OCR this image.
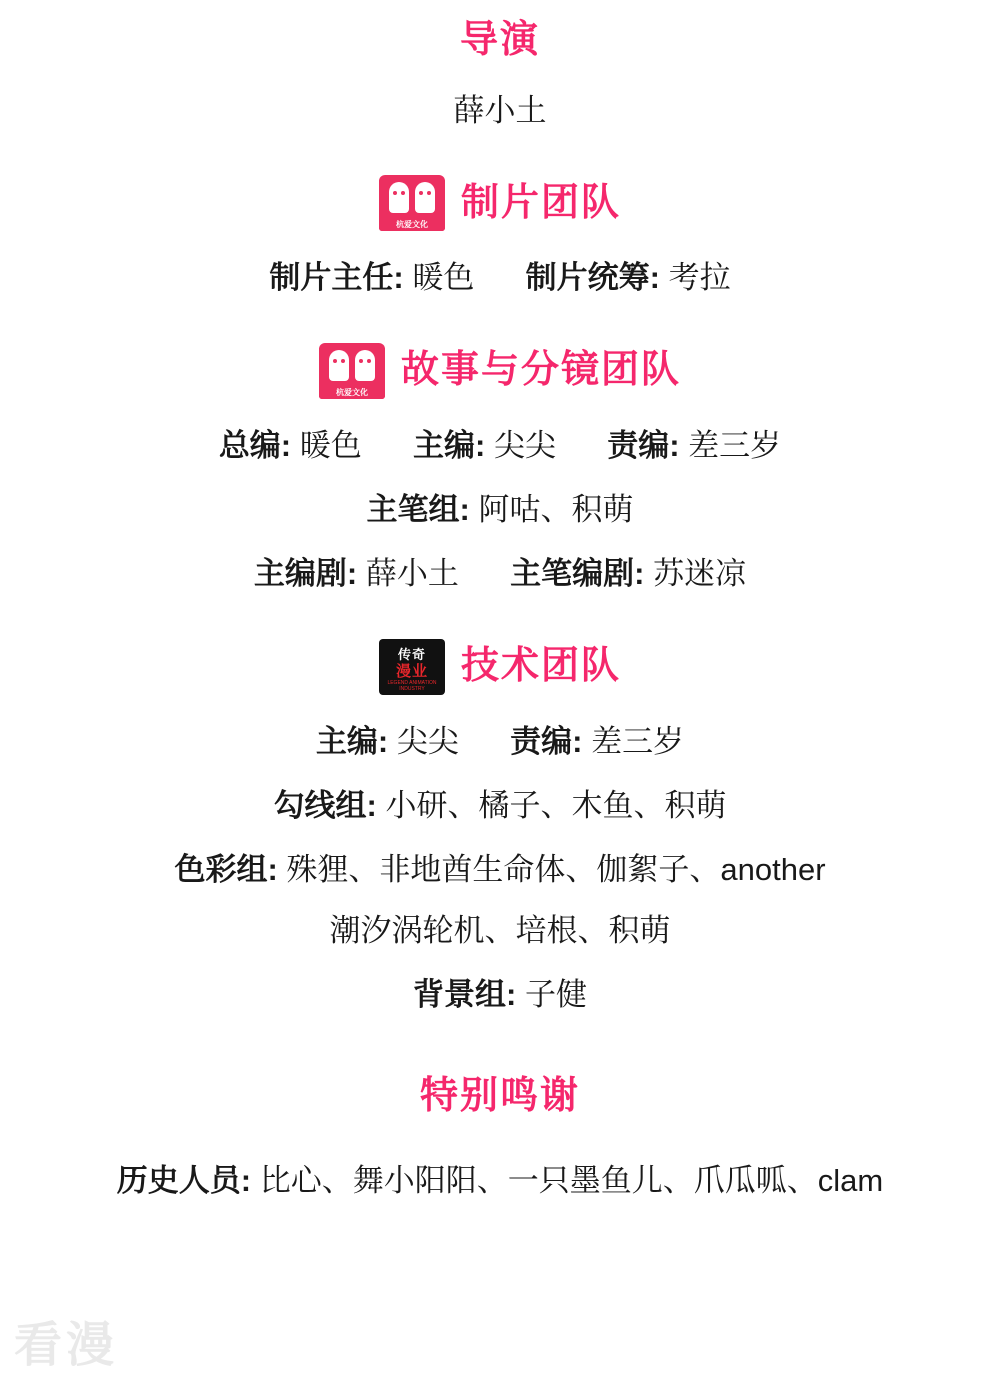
导演
薛小土
杭爱文化
制片团队
制片主任: 暖色 制片统筹: 考拉
杭爱文化
故事与分镜团队
总编: 暖色 主编: 尖尖 责编: 差三岁
主笔组: 阿咕、积萌
主编剧: 薛小土 主笔编剧: 苏迷凉
传奇
漫业
LEGEND ANIMATION INDUSTRY
技术团队
主编: 尖尖 责编: 差三岁
勾线组: 小研、橘子、木鱼、积萌
色彩组: 殊狸、非地酋生命体、伽絮子、another
潮汐涡轮机、培根、积萌
背景组: 子健
特别鸣谢
历史人员: 比心、舞小阳阳、一只墨鱼儿、爪瓜呱、clam
看漫
